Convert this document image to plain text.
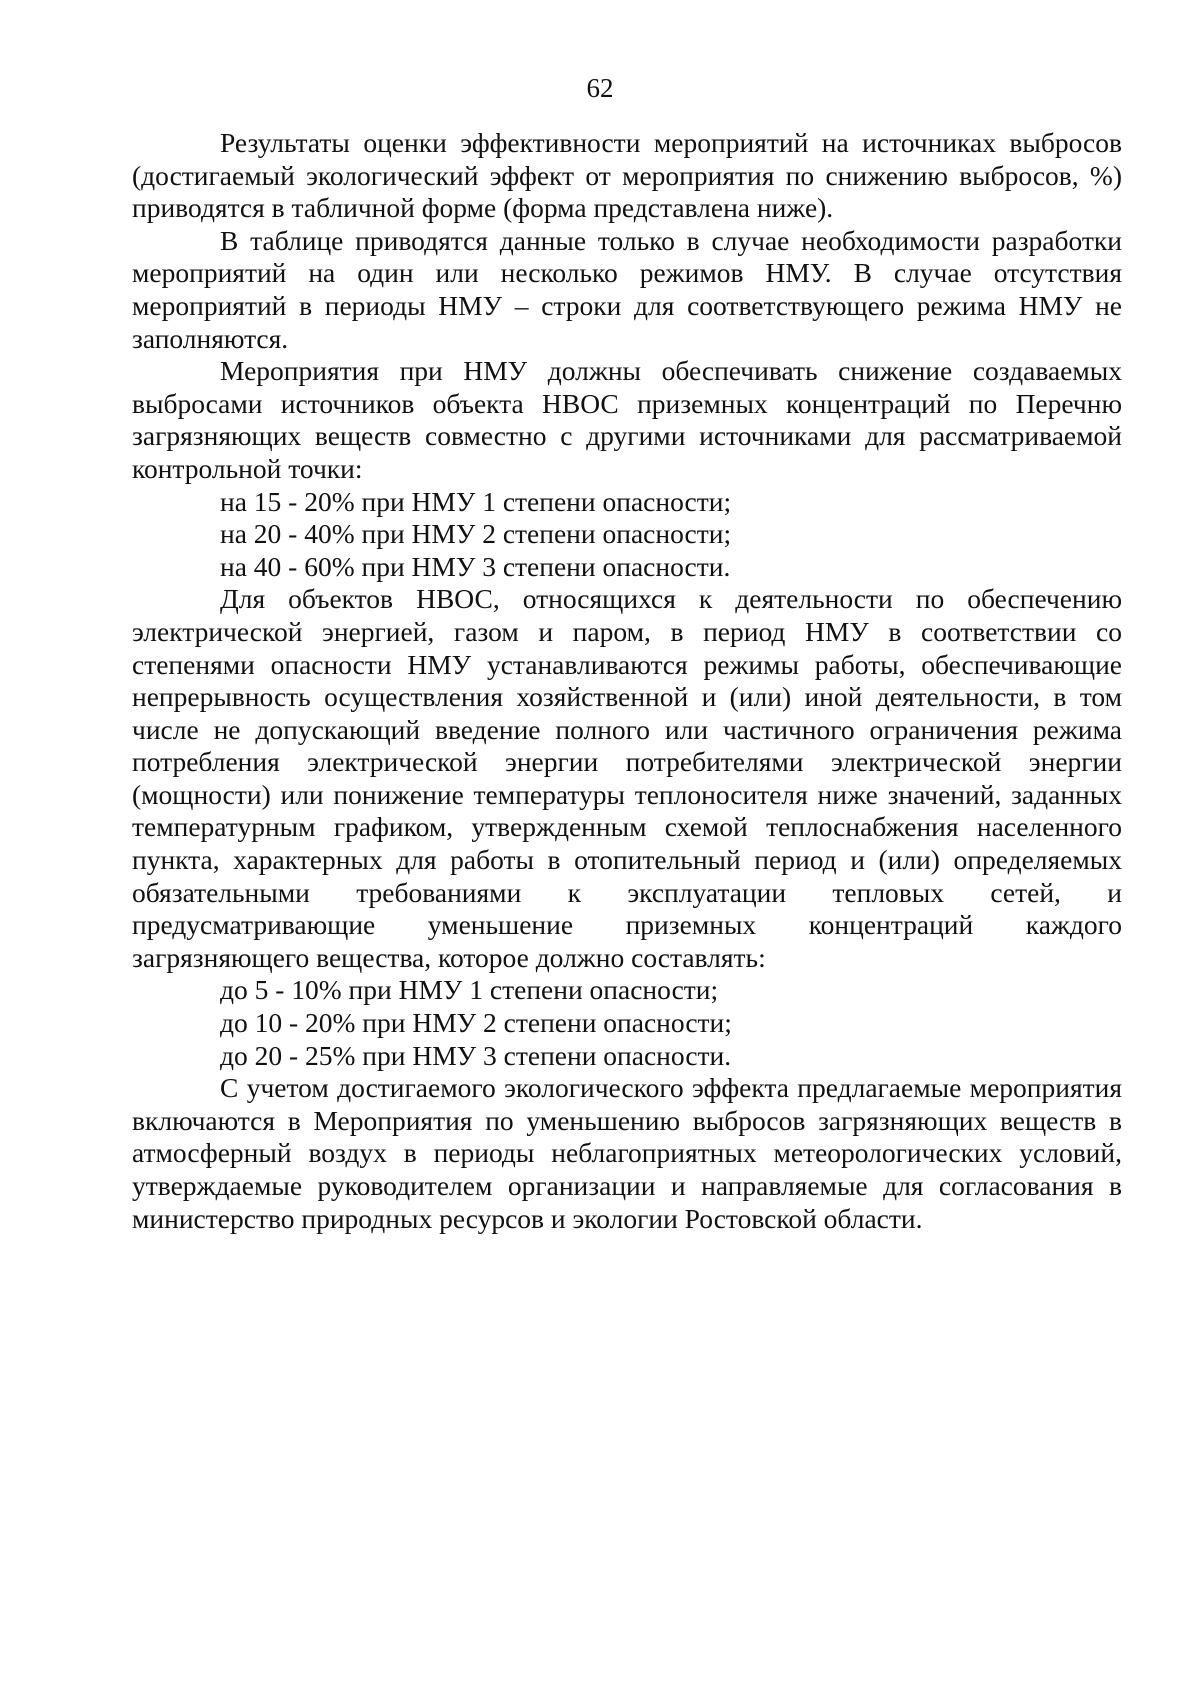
62

Результаты оценки эффективности мероприятий на источниках выбросов (достигаемый экологический эффект от мероприятия по снижению выбросов, %) приводятся в табличной форме (форма представлена ниже).

В таблице приводятся данные только в случае необходимости разработки мероприятий на один или несколько режимов НМУ. В случае отсутствия мероприятий в периоды НМУ – строки для соответствующего режима НМУ не заполняются.

Мероприятия при НМУ должны обеспечивать снижение создаваемых выбросами источников объекта НВОС приземных концентраций по Перечню загрязняющих веществ совместно с другими источниками для рассматриваемой контрольной точки:

на 15 - 20% при НМУ 1 степени опасности;

на 20 - 40% при НМУ 2 степени опасности;

на 40 - 60% при НМУ 3 степени опасности.

Для объектов НВОС, относящихся к деятельности по обеспечению электрической энергией, газом и паром, в период НМУ в соответствии со степенями опасности НМУ устанавливаются режимы работы, обеспечивающие непрерывность осуществления хозяйственной и (или) иной деятельности, в том числе не допускающий введение полного или частичного ограничения режима потребления электрической энергии потребителями электрической энергии (мощности) или понижение температуры теплоносителя ниже значений, заданных температурным графиком, утвержденным схемой теплоснабжения населенного пункта, характерных для работы в отопительный период и (или) определяемых обязательными требованиями к эксплуатации тепловых сетей, и предусматривающие уменьшение приземных концентраций каждого загрязняющего вещества, которое должно составлять:

до 5 - 10% при НМУ 1 степени опасности;

до 10 - 20% при НМУ 2 степени опасности;

до 20 - 25% при НМУ 3 степени опасности.

С учетом достигаемого экологического эффекта предлагаемые мероприятия включаются в Мероприятия по уменьшению выбросов загрязняющих веществ в атмосферный воздух в периоды неблагоприятных метеорологических условий, утверждаемые руководителем организации и направляемые для согласования в министерство природных ресурсов и экологии Ростовской области.
